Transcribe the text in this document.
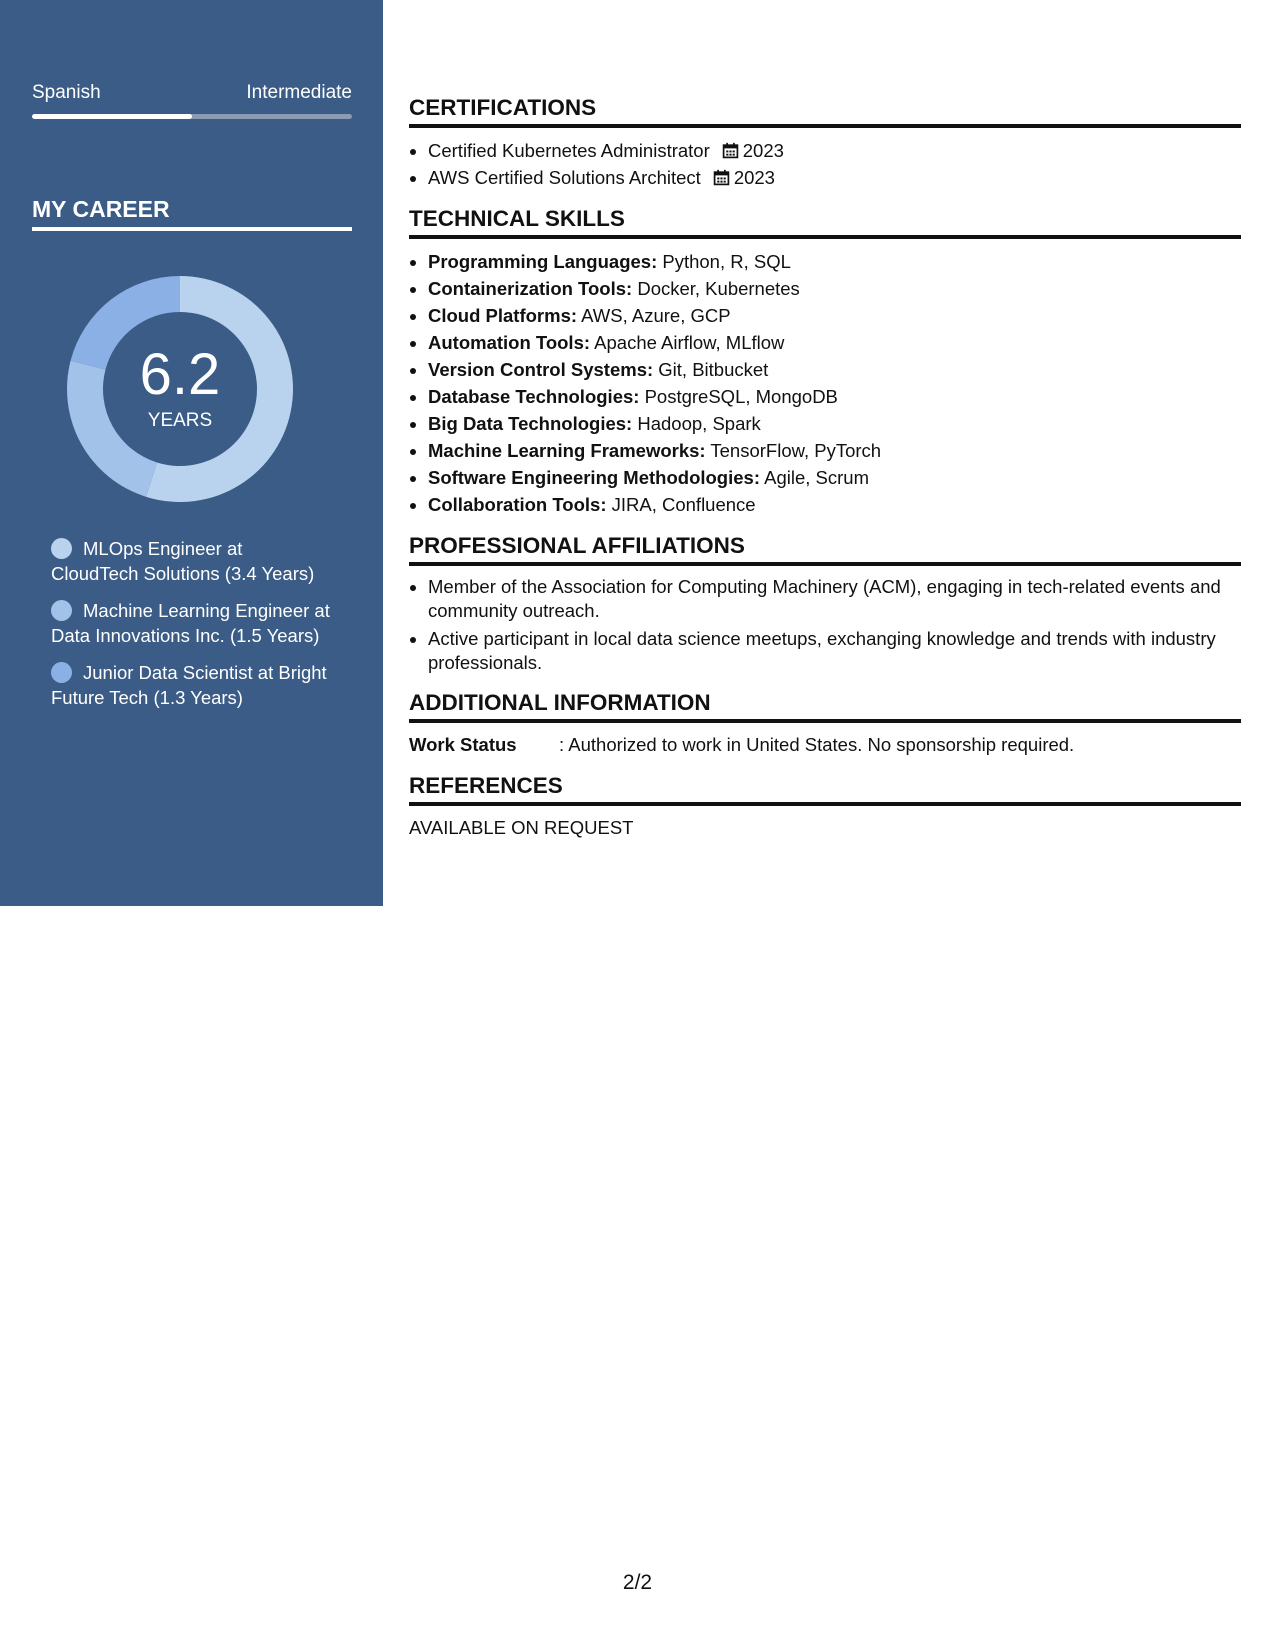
Spanish	Intermediate
MY CAREER
6.2
YEARS
MLOps Engineer at CloudTech Solutions (3.4 Years)
Machine Learning Engineer at Data Innovations Inc. (1.5 Years)
Junior Data Scientist at Bright Future Tech (1.3 Years)
CERTIFICATIONS
• Certified Kubernetes Administrator 2023
• AWS Certified Solutions Architect 2023
TECHNICAL SKILLS
• Programming Languages: Python, R, SQL
• Containerization Tools: Docker, Kubernetes
• Cloud Platforms: AWS, Azure, GCP
• Automation Tools: Apache Airflow, MLflow
• Version Control Systems: Git, Bitbucket
• Database Technologies: PostgreSQL, MongoDB
• Big Data Technologies: Hadoop, Spark
• Machine Learning Frameworks: TensorFlow, PyTorch
• Software Engineering Methodologies: Agile, Scrum
• Collaboration Tools: JIRA, Confluence
PROFESSIONAL AFFILIATIONS
• Member of the Association for Computing Machinery (ACM), engaging in tech-related events and community outreach.
• Active participant in local data science meetups, exchanging knowledge and trends with industry professionals.
ADDITIONAL INFORMATION
Work Status	: Authorized to work in United States. No sponsorship required.
REFERENCES
AVAILABLE ON REQUEST
2/2
